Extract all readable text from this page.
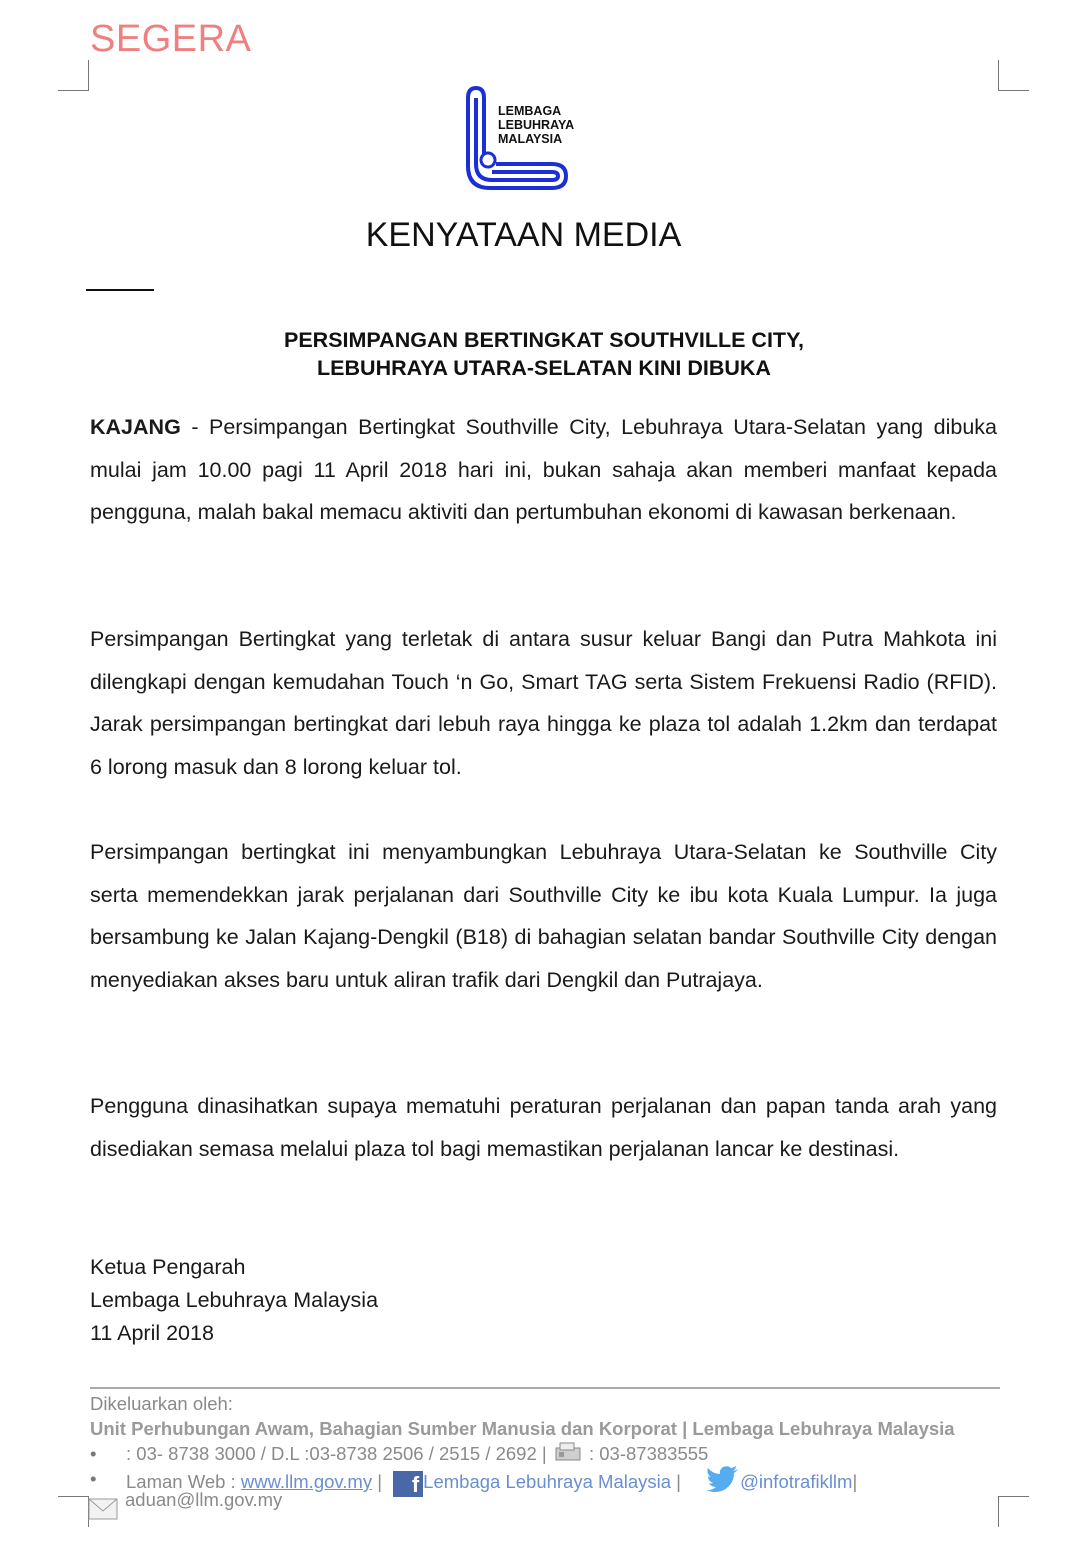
SEGERA
LEMBAGA
LEBUHRAYA
MALAYSIA
KENYATAAN MEDIA
PERSIMPANGAN BERTINGKAT SOUTHVILLE CITY,
LEBUHRAYA UTARA-SELATAN KINI DIBUKA

KAJANG - Persimpangan Bertingkat Southville City, Lebuhraya Utara-Selatan yang dibuka mulai jam 10.00 pagi 11 April 2018 hari ini, bukan sahaja akan memberi manfaat kepada pengguna, malah bakal memacu aktiviti dan pertumbuhan ekonomi di kawasan berkenaan.

Persimpangan Bertingkat yang terletak di antara susur keluar Bangi dan Putra Mahkota ini dilengkapi dengan kemudahan Touch ‘n Go, Smart TAG serta Sistem Frekuensi Radio (RFID). Jarak persimpangan bertingkat dari lebuh raya hingga ke plaza tol adalah 1.2km dan terdapat 6 lorong masuk dan 8 lorong keluar tol.

Persimpangan bertingkat ini menyambungkan Lebuhraya Utara-Selatan ke Southville City serta memendekkan jarak perjalanan dari Southville City ke ibu kota Kuala Lumpur. Ia juga bersambung ke Jalan Kajang-Dengkil (B18) di bahagian selatan bandar Southville City dengan menyediakan akses baru untuk aliran trafik dari Dengkil dan Putrajaya.

Pengguna dinasihatkan supaya mematuhi peraturan perjalanan dan papan tanda arah yang disediakan semasa melalui plaza tol bagi memastikan perjalanan lancar ke destinasi.

Ketua Pengarah
Lembaga Lebuhraya Malaysia
11 April 2018
Dikeluarkan oleh:
Unit Perhubungan Awam, Bahagian Sumber Manusia dan Korporat | Lembaga Lebuhraya Malaysia
• : 03- 8738 3000 / D.L :03-8738 2506 / 2515 / 2692 | : 03-87383555
• Laman Web : www.llm.gov.my | f Lembaga Lebuhraya Malaysia |	@infotrafikllm|
aduan@llm.gov.my
